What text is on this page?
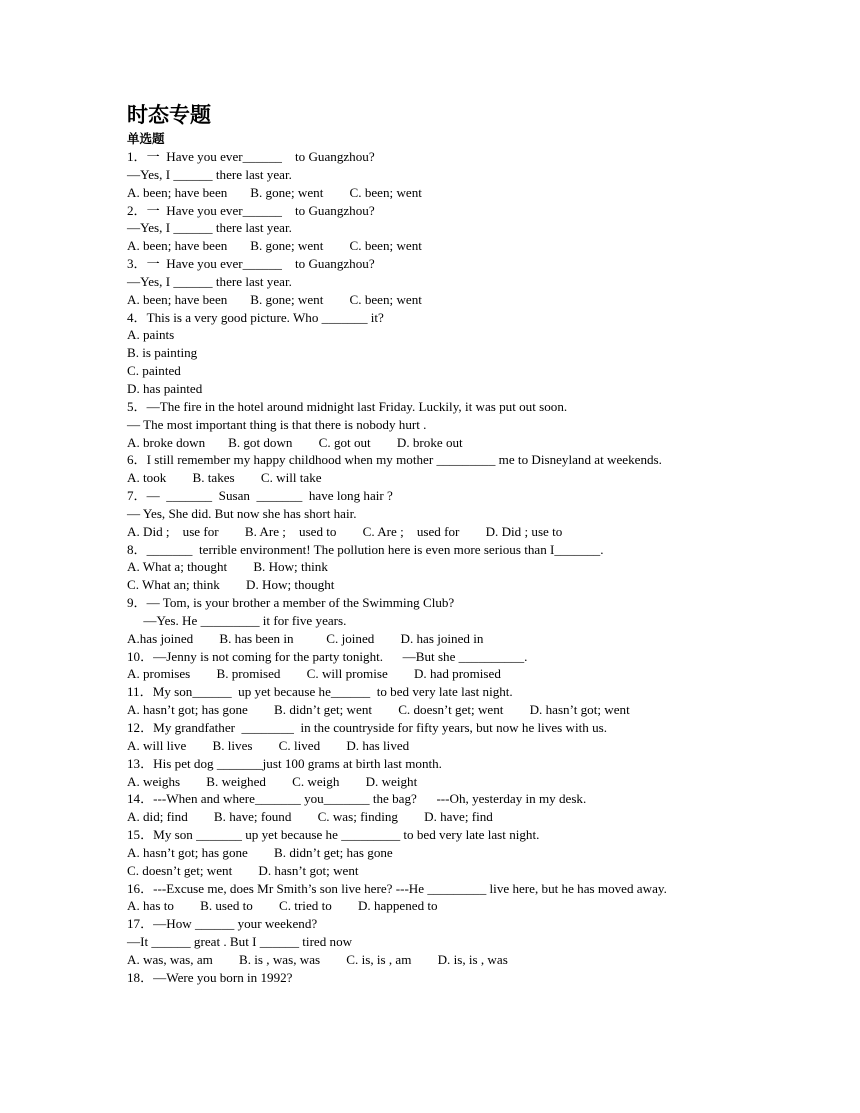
时态专题
单选题
1．一  Have you ever______    to Guangzhou?
—Yes, I ______ there last year.
A. been; have been       B. gone; went        C. been; went
2．一  Have you ever______    to Guangzhou?
—Yes, I ______ there last year.
A. been; have been       B. gone; went        C. been; went
3．一  Have you ever______    to Guangzhou?
—Yes, I ______ there last year.
A. been; have been       B. gone; went        C. been; went
4．This is a very good picture. Who _______ it?
A. paints
B. is painting
C. painted
D. has painted
5．—The fire in the hotel around midnight last Friday. Luckily, it was put out soon.
— The most important thing is that there is nobody hurt .
A. broke down       B. got down        C. got out        D. broke out
6．I still remember my happy childhood when my mother _________ me to Disneyland at weekends.
A. took        B. takes        C. will take
7．—  _______  Susan  _______  have long hair ?
— Yes, She did. But now she has short hair.
A. Did ;    use for        B. Are ;    used to        C. Are ;    used for        D. Did ; use to
8．_______  terrible environment! The pollution here is even more serious than I_______.
A. What a; thought        B. How; think
C. What an; think        D. How; thought
9．— Tom, is your brother a member of the Swimming Club?
—Yes. He _________ it for five years.
A.has joined        B. has been in          C. joined        D. has joined in
10．—Jenny is not coming for the party tonight.      —But she __________.
A. promises        B. promised        C. will promise        D. had promised
11．My son______  up yet because he______  to bed very late last night.
A. hasn’t got; has gone        B. didn’t get; went        C. doesn’t get; went        D. hasn’t got; went
12．My grandfather  ________  in the countryside for fifty years, but now he lives with us.
A. will live        B. lives        C. lived        D. has lived
13．His pet dog _______just 100 grams at birth last month.
A. weighs        B. weighed        C. weigh        D. weight
14．---When and where_______ you_______ the bag?      ---Oh, yesterday in my desk.
A. did; find        B. have; found        C. was; finding        D. have; find
15．My son _______ up yet because he _________ to bed very late last night.
A. hasn’t got; has gone        B. didn’t get; has gone
C. doesn’t get; went        D. hasn’t got; went
16．---Excuse me, does Mr Smith’s son live here? ---He _________ live here, but he has moved away.
A. has to        B. used to        C. tried to        D. happened to
17．—How ______ your weekend?
—It ______ great . But I ______ tired now
A. was, was, am        B. is , was, was        C. is, is , am        D. is, is , was
18．—Were you born in 1992?
